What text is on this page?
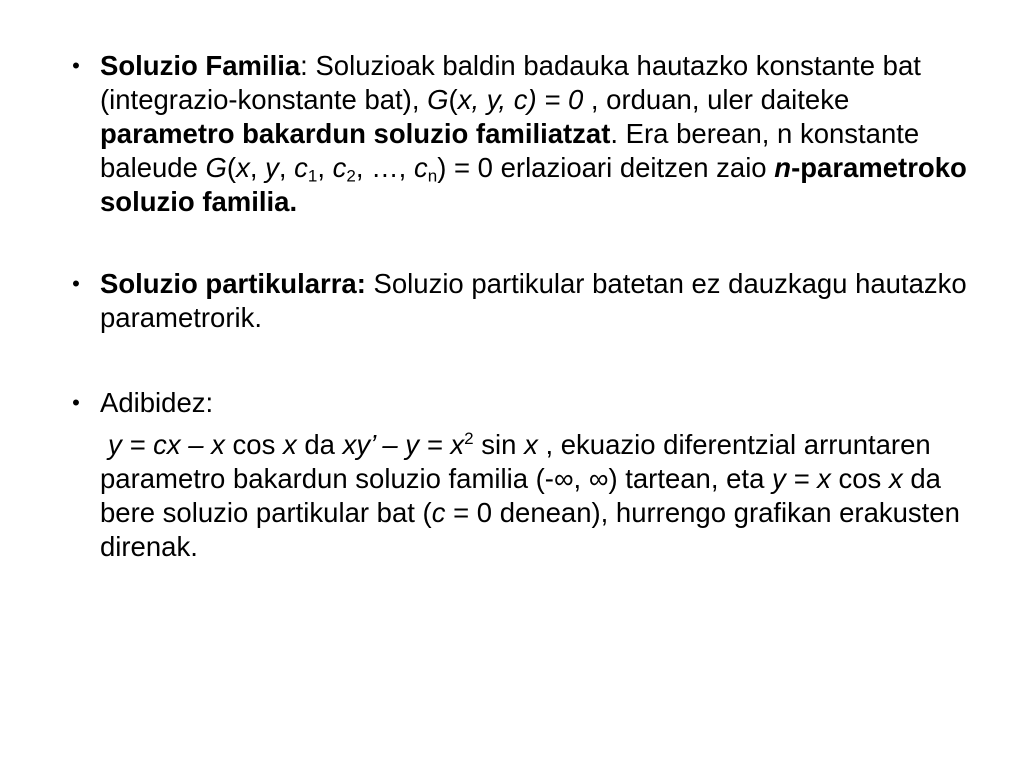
• Soluzio Familia: Soluzioak baldin badauka hautazko konstante bat (integrazio-konstante bat), G(x, y, c) = 0 , orduan, uler daiteke parametro bakardun soluzio familiatzat. Era berean, n konstante baleude G(x, y, $c_1$, $c_2$, …, $c_n) = 0$ erlazioari deitzen zaio n-parametroko soluzio familia.
• Soluzio partikularra: Soluzio partikular batetan ez dauzkagu hautazko parametrorik.
• Adibidez:
y = cx – x cos x da xy’ – $y = x^2$ sin x , ekuazio diferentzial arruntaren parametro bakardun soluzio familia (-∞, ∞) tartean, eta y = x cos x da bere soluzio partikular bat (c = 0 denean), hurrengo grafikan erakusten direnak.
